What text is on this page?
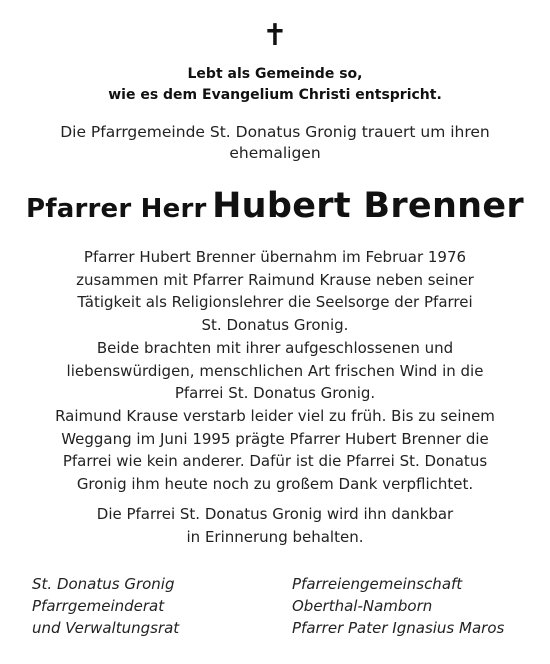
✝
Lebt als Gemeinde so,
wie es dem Evangelium Christi entspricht.
Die Pfarrgemeinde St. Donatus Gronig trauert um ihren
ehemaligen
Pfarrer Herr Hubert Brenner
Pfarrer Hubert Brenner übernahm im Februar 1976
zusammen mit Pfarrer Raimund Krause neben seiner
Tätigkeit als Religionslehrer die Seelsorge der Pfarrei
St. Donatus Gronig.
Beide brachten mit ihrer aufgeschlossenen und
liebenswürdigen, menschlichen Art frischen Wind in die
Pfarrei St. Donatus Gronig.
Raimund Krause verstarb leider viel zu früh. Bis zu seinem
Weggang im Juni 1995 prägte Pfarrer Hubert Brenner die
Pfarrei wie kein anderer. Dafür ist die Pfarrei St. Donatus
Gronig ihm heute noch zu großem Dank verpflichtet.
Die Pfarrei St. Donatus Gronig wird ihn dankbar
in Erinnerung behalten.
St. Donatus Gronig
Pfarrgemeinderat
und Verwaltungsrat
Pfarreiengemeinschaft
Oberthal-Namborn
Pfarrer Pater Ignasius Maros
